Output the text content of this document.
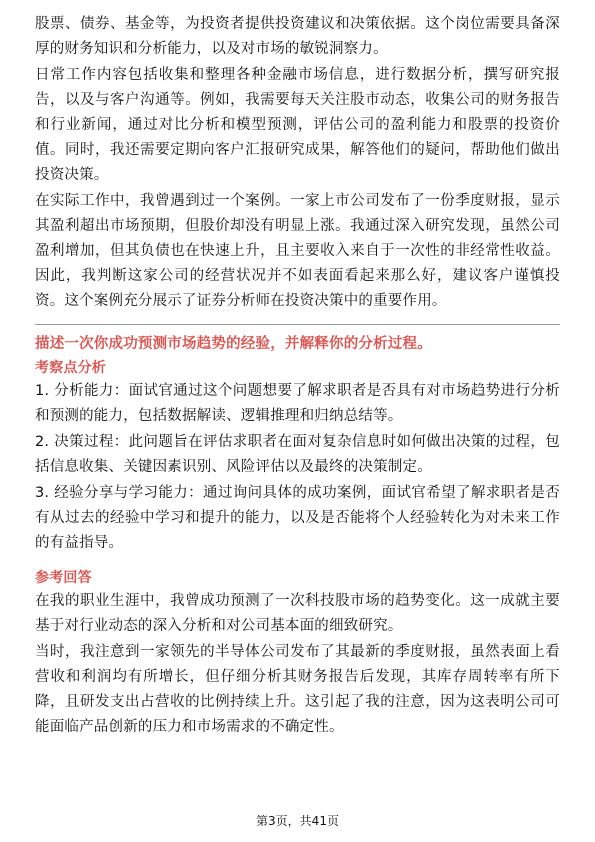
股票、债券、基金等，为投资者提供投资建议和决策依据。这个岗位需要具备深厚的财务知识和分析能力，以及对市场的敏锐洞察力。

日常工作内容包括收集和整理各种金融市场信息，进行数据分析，撰写研究报告，以及与客户沟通等。例如，我需要每天关注股市动态，收集公司的财务报告和行业新闻，通过对比分析和模型预测，评估公司的盈利能力和股票的投资价值。同时，我还需要定期向客户汇报研究成果，解答他们的疑问，帮助他们做出投资决策。

在实际工作中，我曾遇到过一个案例。一家上市公司发布了一份季度财报，显示其盈利超出市场预期，但股价却没有明显上涨。我通过深入研究发现，虽然公司盈利增加，但其负债也在快速上升，且主要收入来自于一次性的非经常性收益。因此，我判断这家公司的经营状况并不如表面看起来那么好，建议客户谨慎投资。这个案例充分展示了证券分析师在投资决策中的重要作用。

描述一次你成功预测市场趋势的经验，并解释你的分析过程。

考察点分析

1. 分析能力：面试官通过这个问题想要了解求职者是否具有对市场趋势进行分析和预测的能力，包括数据解读、逻辑推理和归纳总结等。

2. 决策过程：此问题旨在评估求职者在面对复杂信息时如何做出决策的过程，包括信息收集、关键因素识别、风险评估以及最终的决策制定。

3. 经验分享与学习能力：通过询问具体的成功案例，面试官希望了解求职者是否有从过去的经验中学习和提升的能力，以及是否能将个人经验转化为对未来工作的有益指导。

参考回答

在我的职业生涯中，我曾成功预测了一次科技股市场的趋势变化。这一成就主要基于对行业动态的深入分析和对公司基本面的细致研究。

当时，我注意到一家领先的半导体公司发布了其最新的季度财报，虽然表面上看营收和利润均有所增长，但仔细分析其财务报告后发现，其库存周转率有所下降，且研发支出占营收的比例持续上升。这引起了我的注意，因为这表明公司可能面临产品创新的压力和市场需求的不确定性。

第3页，共41页
